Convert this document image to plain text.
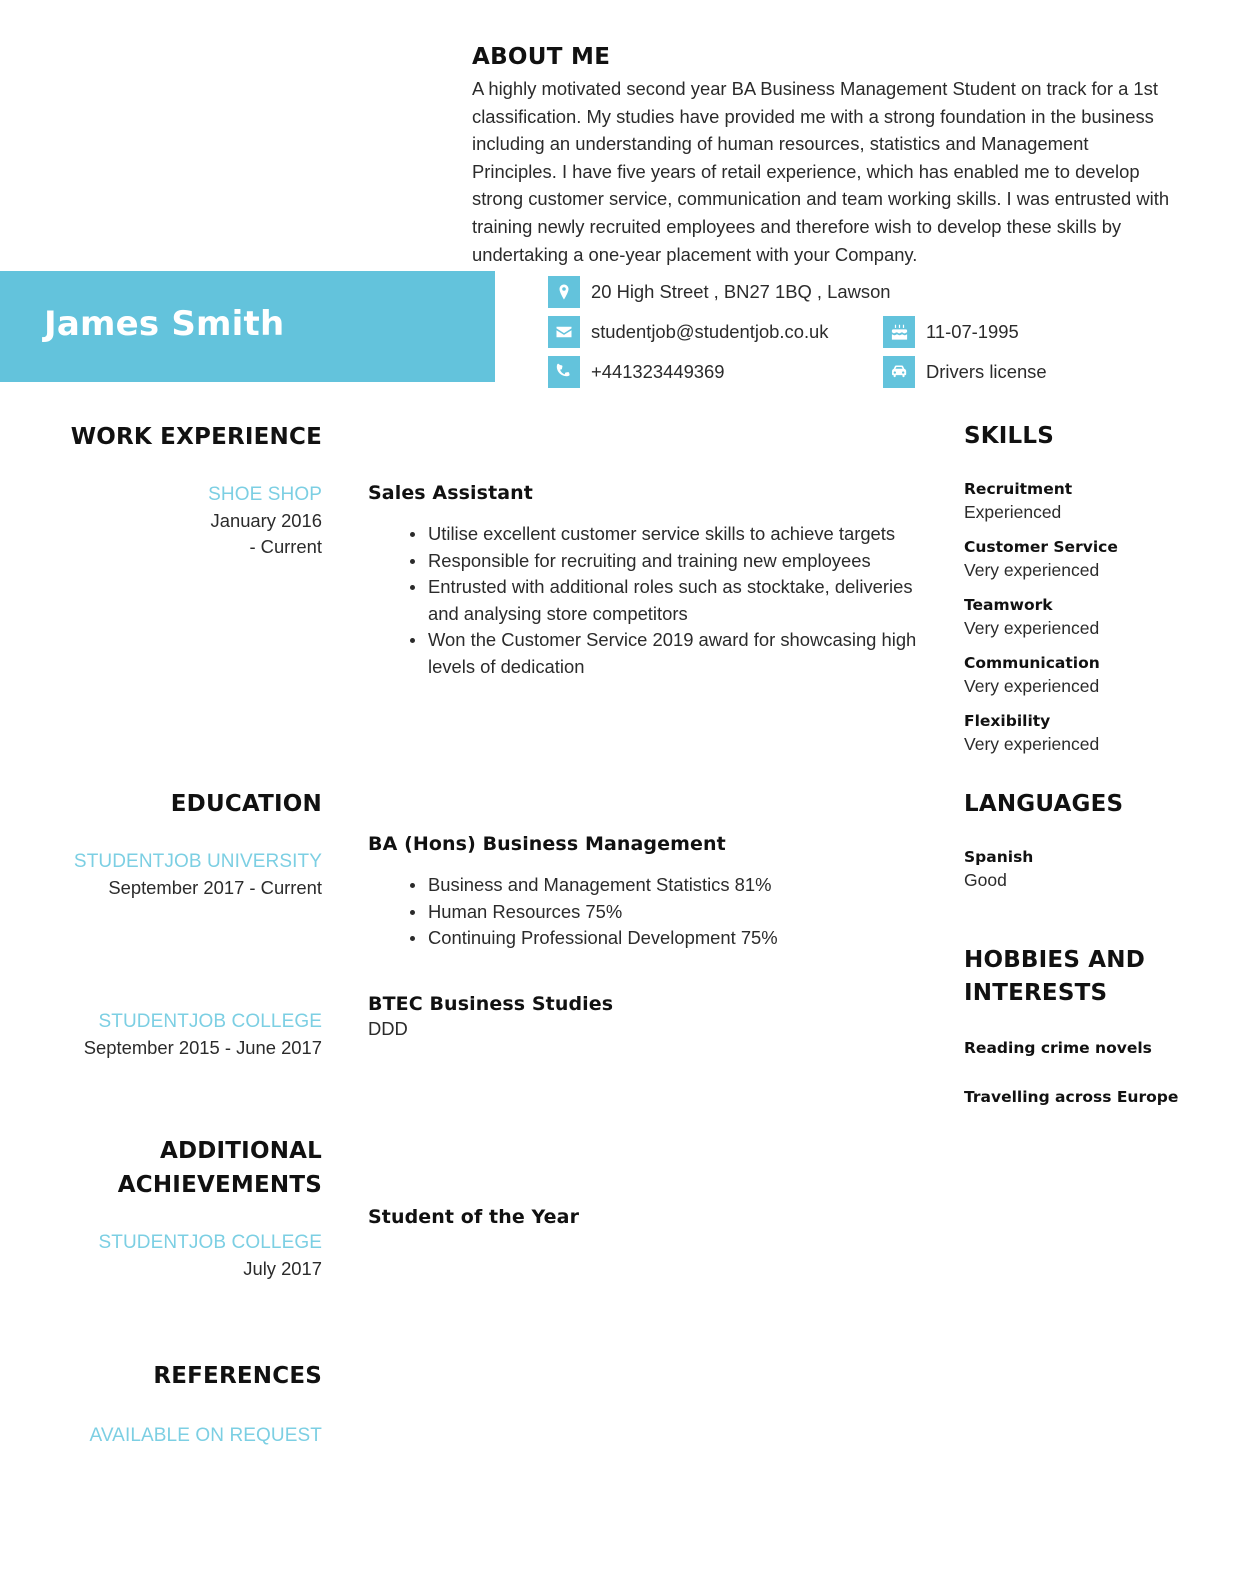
ABOUT ME
A highly motivated second year BA Business Management Student on track for a 1st classification. My studies have provided me with a strong foundation in the business including an understanding of human resources, statistics and Management Principles. I have five years of retail experience, which has enabled me to develop strong customer service, communication and team working skills. I was entrusted with training newly recruited employees and therefore wish to develop these skills by undertaking a one-year placement with your Company.
James Smith
20 High Street , BN27 1BQ , Lawson
studentjob@studentjob.co.uk	11-07-1995
+441323449369	Drivers license
WORK EXPERIENCE
SHOE SHOP
January 2016
- Current
EDUCATION
STUDENTJOB UNIVERSITY
September 2017 - Current
STUDENTJOB COLLEGE
September 2015 - June 2017
ADDITIONAL
ACHIEVEMENTS
STUDENTJOB COLLEGE
July 2017
REFERENCES
AVAILABLE ON REQUEST
Sales Assistant
Utilise excellent customer service skills to achieve targets
Responsible for recruiting and training new employees
Entrusted with additional roles such as stocktake, deliveries and analysing store competitors
Won the Customer Service 2019 award for showcasing high levels of dedication
BA (Hons) Business Management
Business and Management Statistics 81%
Human Resources 75%
Continuing Professional Development 75%
BTEC Business Studies
DDD
Student of the Year
SKILLS
Recruitment
Experienced
Customer Service
Very experienced
Teamwork
Very experienced
Communication
Very experienced
Flexibility
Very experienced
LANGUAGES
Spanish
Good
HOBBIES AND
INTERESTS
Reading crime novels
Travelling across Europe
